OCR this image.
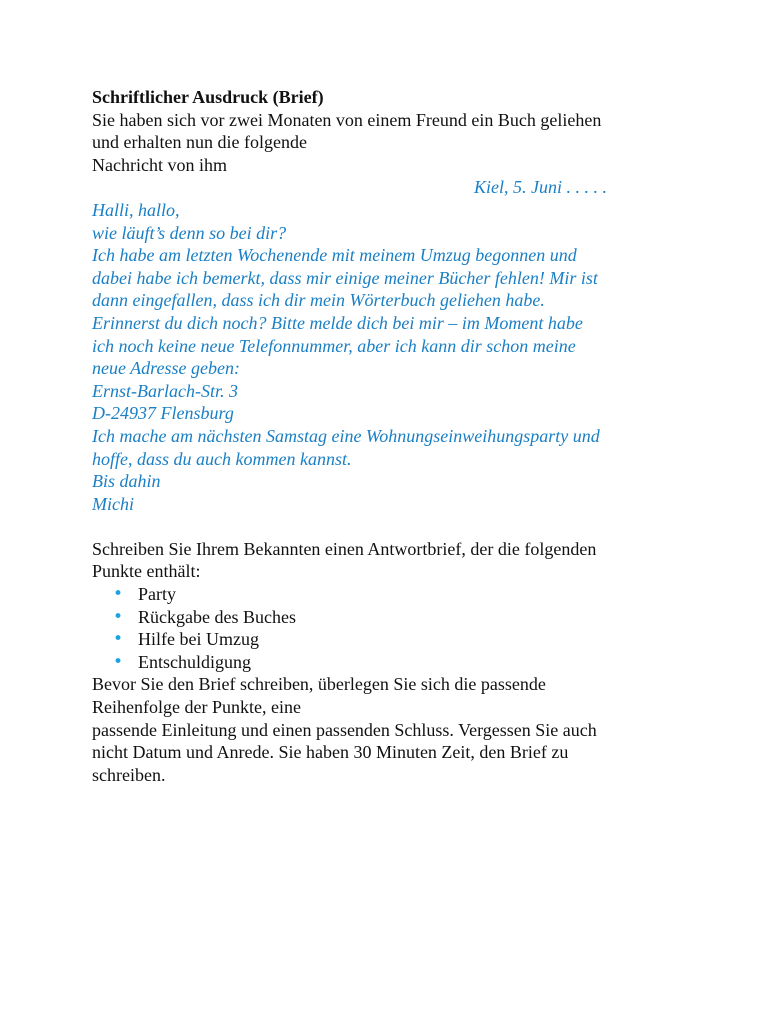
Schriftlicher Ausdruck (Brief)
Sie haben sich vor zwei Monaten von einem Freund ein Buch geliehen
und erhalten nun die folgende
Nachricht von ihm
Kiel, 5. Juni . . . . .
Halli, hallo,
wie läuft’s denn so bei dir?
Ich habe am letzten Wochenende mit meinem Umzug begonnen und
dabei habe ich bemerkt, dass mir einige meiner Bücher fehlen! Mir ist
dann eingefallen, dass ich dir mein Wörterbuch geliehen habe.
Erinnerst du dich noch? Bitte melde dich bei mir – im Moment habe
ich noch keine neue Telefonnummer, aber ich kann dir schon meine
neue Adresse geben:
Ernst-Barlach-Str. 3
D-24937 Flensburg
Ich mache am nächsten Samstag eine Wohnungseinweihungsparty und
hoffe, dass du auch kommen kannst.
Bis dahin
Michi
Schreiben Sie Ihrem Bekannten einen Antwortbrief, der die folgenden
Punkte enthält:
• Party
• Rückgabe des Buches
• Hilfe bei Umzug
• Entschuldigung
Bevor Sie den Brief schreiben, überlegen Sie sich die passende
Reihenfolge der Punkte, eine
passende Einleitung und einen passenden Schluss. Vergessen Sie auch
nicht Datum und Anrede. Sie haben 30 Minuten Zeit, den Brief zu
schreiben.
